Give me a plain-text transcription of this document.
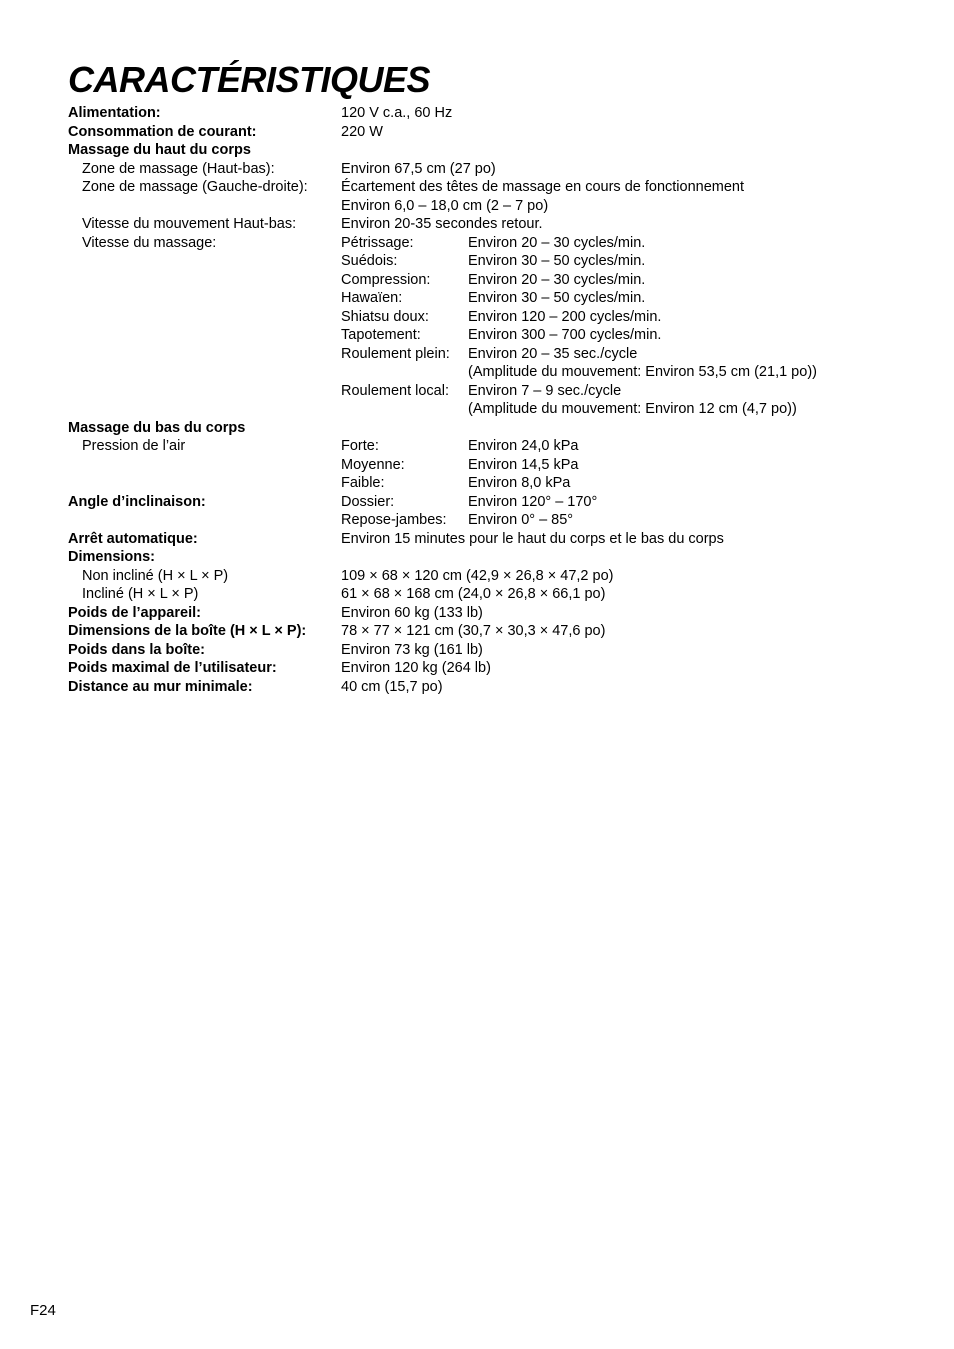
CARACTÉRISTIQUES
Alimentation:	120 V c.a., 60 Hz
Consommation de courant:	220 W
Massage du haut du corps
Zone de massage (Haut-bas):	Environ 67,5 cm (27 po)
Zone de massage (Gauche-droite): Écartement des têtes de massage en cours de fonctionnement
Environ 6,0 – 18,0 cm (2 – 7 po)
Vitesse du mouvement Haut-bas:	Environ 20-35 secondes retour.
Vitesse du massage:	Pétrissage:	Environ 20 – 30 cycles/min.
Suédois:	Environ 30 – 50 cycles/min.
Compression:	Environ 20 – 30 cycles/min.
Hawaïen:	Environ 30 – 50 cycles/min.
Shiatsu doux:	Environ 120 – 200 cycles/min.
Tapotement:	Environ 300 – 700 cycles/min.
Roulement plein: Environ 20 – 35 sec./cycle
(Amplitude du mouvement: Environ 53,5 cm (21,1 po))
Roulement local: Environ 7 – 9 sec./cycle
(Amplitude du mouvement: Environ 12 cm (4,7 po))
Massage du bas du corps
Pression de l’air	Forte:	Environ 24,0 kPa
Moyenne:	Environ 14,5 kPa
Faible:	Environ 8,0 kPa
Angle d’inclinaison:	Dossier:	Environ 120° – 170°
Repose-jambes: Environ 0° – 85°
Arrêt automatique:	Environ 15 minutes pour le haut du corps et le bas du corps
Dimensions:
Non incliné (H × L × P)	109 × 68 × 120 cm (42,9 × 26,8 × 47,2 po)
Incliné (H × L × P)	61 × 68 × 168 cm (24,0 × 26,8 × 66,1 po)
Poids de l’appareil:	Environ 60 kg (133 lb)
Dimensions de la boîte (H × L × P): 78 × 77 × 121 cm (30,7 × 30,3 × 47,6 po)
Poids dans la boîte:	Environ 73 kg (161 lb)
Poids maximal de l’utilisateur:	Environ 120 kg (264 lb)
Distance au mur minimale:	40 cm (15,7 po)
F24
